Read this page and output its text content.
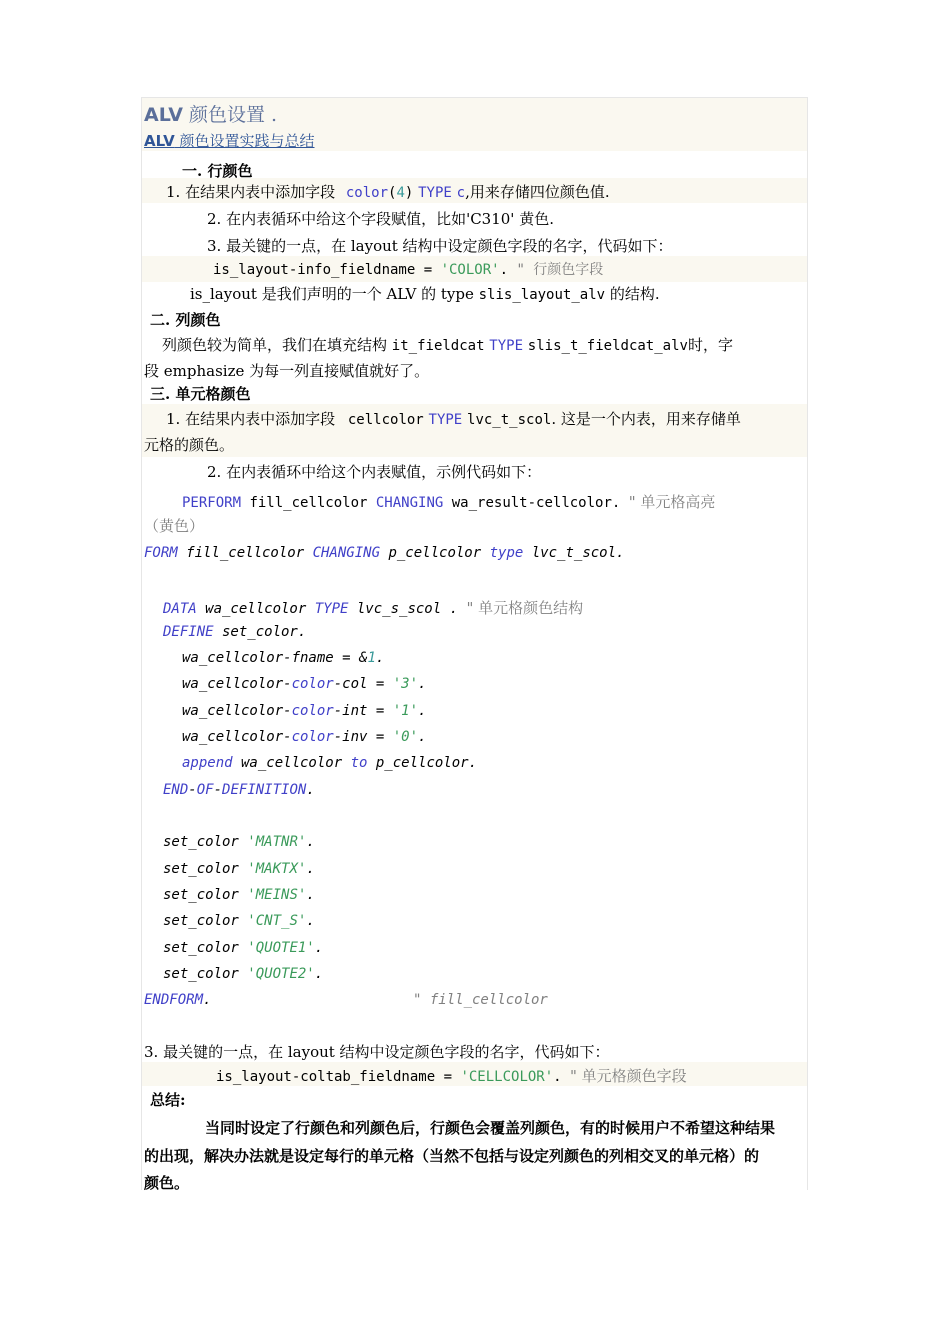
ALV 颜色设置 .
ALV 颜色设置实践与总结
一. 行颜色
1. 在结果内表中添加字段 color(4) TYPE c,用来存储四位颜色值.
2. 在内表循环中给这个字段赋值，比如'C310' 黄色.
3. 最关键的一点，在 layout 结构中设定颜色字段的名字，代码如下：
is_layout-info_fieldname = 'COLOR'. " 行颜色字段
is_layout 是我们声明的一个 ALV 的 type slis_layout_alv 的结构.
二. 列颜色
列颜色较为简单，我们在填充结构 it_fieldcat TYPE slis_t_fieldcat_alv时，字
段 emphasize 为每一列直接赋值就好了。
三. 单元格颜色
1. 在结果内表中添加字段 cellcolor TYPE lvc_t_scol. 这是一个内表，用来存储单
元格的颜色。
2. 在内表循环中给这个内表赋值，示例代码如下：
PERFORM fill_cellcolor CHANGING wa_result-cellcolor. " 单元格高亮
（黄色）
FORM fill_cellcolor CHANGING p_cellcolor type lvc_t_scol.
DATA wa_cellcolor TYPE lvc_s_scol . " 单元格颜色结构
DEFINE set_color.
wa_cellcolor-fname = &1.
wa_cellcolor-color-col = '3'.
wa_cellcolor-color-int = '1'.
wa_cellcolor-color-inv = '0'.
append wa_cellcolor to p_cellcolor.
END-OF-DEFINITION.
set_color 'MATNR'.
set_color 'MAKTX'.
set_color 'MEINS'.
set_color 'CNT_S'.
set_color 'QUOTE1'.
set_color 'QUOTE2'.
ENDFORM.	" fill_cellcolor
3. 最关键的一点，在 layout 结构中设定颜色字段的名字，代码如下：
is_layout-coltab_fieldname = 'CELLCOLOR'. " 单元格颜色字段
总结:
当同时设定了行颜色和列颜色后，行颜色会覆盖列颜色，有的时候用户不希望这种结果
的出现，解决办法就是设定每行的单元格（当然不包括与设定列颜色的列相交叉的单元格）的
颜色。
